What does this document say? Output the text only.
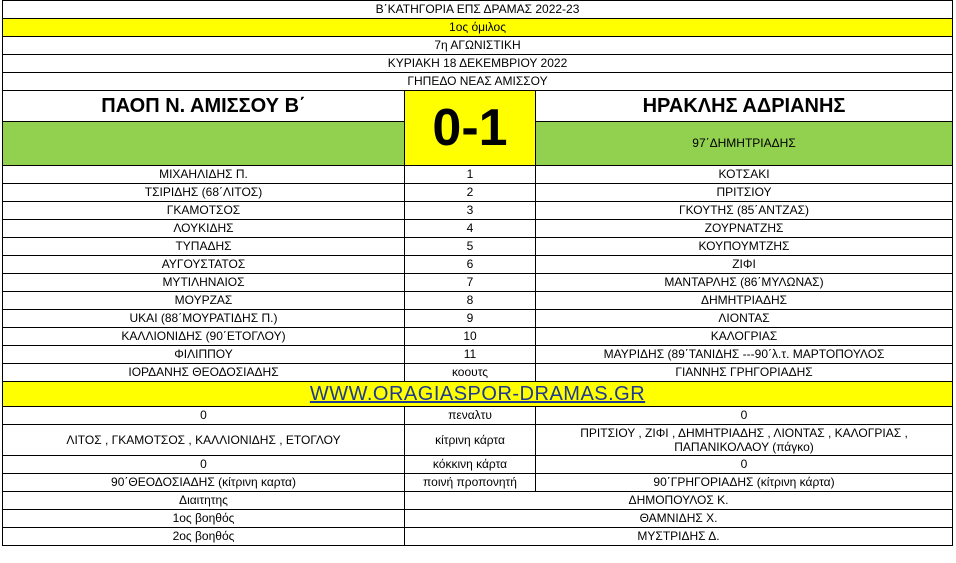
Β΄ΚΑΤΗΓΟΡΙΑ ΕΠΣ ΔΡΑΜΑΣ 2022-23		
1ος όμιλος		
7η ΑΓΩΝΙΣΤΙΚΗ		
ΚΥΡΙΑΚΗ 18 ΔΕΚΕΜΒΡΙΟΥ 2022		
ΓΗΠΕΔΟ ΝΕΑΣ ΑΜΙΣΣΟΥ		
ΠΑΟΠ Ν. ΑΜΙΣΣΟΥ Β΄	0-1	ΗΡΑΚΛΗΣ ΑΔΡΙΑΝΗΣ
		97΄ΔΗΜΗΤΡΙΑΔΗΣ
ΜΙΧΑΗΛΙΔΗΣ Π.	1	ΚΟΤΣΑΚΙ
ΤΣΙΡΙΔΗΣ (68΄ΛΙΤΟΣ)	2	ΠΡΙΤΣΙΟΥ
ΓΚΑΜΟΤΣΟΣ	3	ΓΚΟΥΤΗΣ (85΄ΑΝΤΖΑΣ)
ΛΟΥΚΙΔΗΣ	4	ΖΟΥΡΝΑΤΖΗΣ
ΤΥΠΑΔΗΣ	5	ΚΟΥΠΟΥΜΤΖΗΣ
ΑΥΓΟΥΣΤΑΤΟΣ	6	ΖΙΦΙ
ΜΥΤΙΛΗΝΑΙΟΣ	7	ΜΑΝΤΑΡΛΗΣ (86΄ΜΥΛΩΝΑΣ)
ΜΟΥΡΖΑΣ	8	ΔΗΜΗΤΡΙΑΔΗΣ
UKAI (88΄ΜΟΥΡΑΤΙΔΗΣ Π.)	9	ΛΙΟΝΤΑΣ
ΚΑΛΛΙΟΝΙΔΗΣ (90΄ΕΤΟΓΛΟΥ)	10	ΚΑΛΟΓΡΙΑΣ
ΦΙΛΙΠΠΟΥ	11	ΜΑΥΡΙΔΗΣ (89΄ΤΑΝΙΔΗΣ ---90΄λ.τ. ΜΑΡΤΟΠΟΥΛΟΣ
ΙΟΡΔΑΝΗΣ ΘΕΟΔΟΣΙΑΔΗΣ	κοουτς	ΓΙΑΝΝΗΣ ΓΡΗΓΟΡΙΑΔΗΣ
WWW.ORAGIASPOR-DRAMAS.GR		
0	πεναλτυ	0
ΛΙΤΟΣ , ΓΚΑΜΟΤΣΟΣ , ΚΑΛΛΙΟΝΙΔΗΣ , ΕΤΟΓΛΟΥ	κίτρινη κάρτα	ΠΡΙΤΣΙΟΥ , ΖΙΦΙ , ΔΗΜΗΤΡΙΑΔΗΣ , ΛΙΟΝΤΑΣ , ΚΑΛΟΓΡΙΑΣ , ΠΑΠΑΝΙΚΟΛΑΟΥ (πάγκο)
0	κόκκινη κάρτα	0
90΄ΘΕΟΔΟΣΙΑΔΗΣ (κίτρινη καρτα)	ποινή προπονητή	90΄ΓΡΗΓΟΡΙΑΔΗΣ (κίτρινη κάρτα)
Διαιτητης	ΔΗΜΟΠΟΥΛΟΣ Κ.	
1ος βοηθός	ΘΑΜΝΙΔΗΣ Χ.	
2ος βοηθός	ΜΥΣΤΡΙΔΗΣ Δ.	
